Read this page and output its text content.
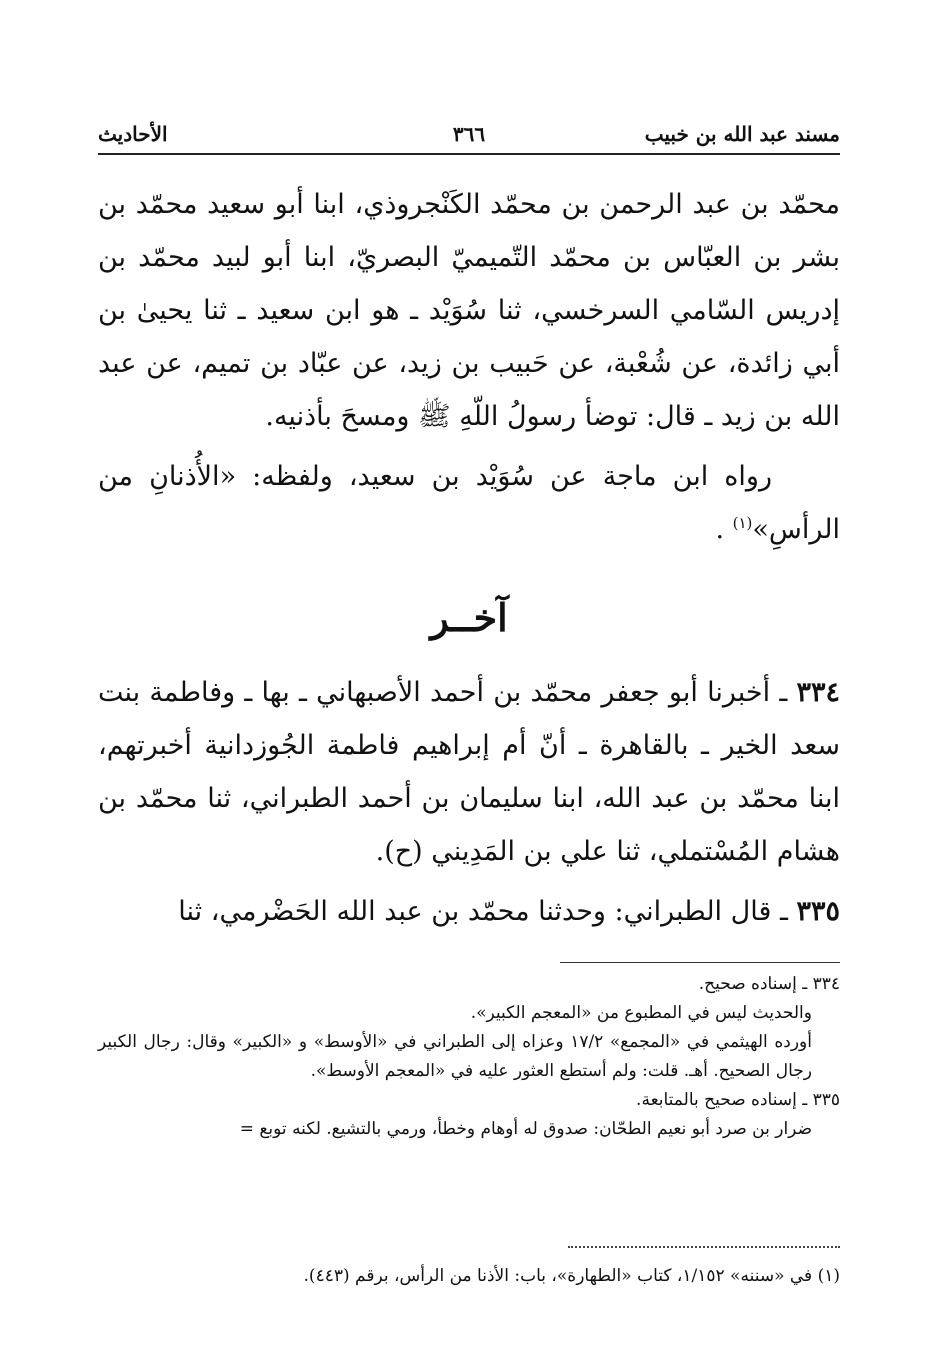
مسند عبد الله بن خبيب
٣٦٦
الأحاديث

محمّد بن عبد الرحمن بن محمّد الكَنْجروذي، ابنا أبو سعيد محمّد بن بشر بن العبّاس بن محمّد التّميميّ البصريّ، ابنا أبو لبيد محمّد بن إدريس السّامي السرخسي، ثنا سُوَيْد ـ هو ابن سعيد ـ ثنا يحيىٰ بن أبي زائدة، عن شُعْبة، عن حَبيب بن زيد، عن عبّاد بن تميم، عن عبد الله بن زيد ـ قال: توضأ رسولُ اللّهِ ﷺ ومسحَ بأذنيه.

رواه ابن ماجة عن سُوَيْد بن سعيد، ولفظه: «الأُذنانِ من الرأسِ»$^{(١)}$ .

آخــر

٣٣٤ ـ أخبرنا أبو جعفر محمّد بن أحمد الأصبهاني ـ بها ـ وفاطمة بنت سعد الخير ـ بالقاهرة ـ أنّ أم إبراهيم فاطمة الجُوزدانية أخبرتهم، ابنا محمّد بن عبد الله، ابنا سليمان بن أحمد الطبراني، ثنا محمّد بن هشام المُسْتملي، ثنا علي بن المَدِيني (ح).

٣٣٥ ـ قال الطبراني: وحدثنا محمّد بن عبد الله الحَضْرمي، ثنا

٣٣٤ ـ إسناده صحيح.

والحديث ليس في المطبوع من «المعجم الكبير».

أورده الهيثمي في «المجمع» ١٧/٢ وعزاه إلى الطبراني في «الأوسط» و «الكبير» وقال: رجال الكبير رجال الصحيح. أهـ. قلت: ولم أستطع العثور عليه في «المعجم الأوسط».

٣٣٥ ـ إسناده صحيح بالمتابعة.

ضرار بن صرد أبو نعيم الطحّان: صدوق له أوهام وخطأ، ورمي بالتشيع. لكنه توبع =

(١) في «سننه» ١/١٥٢، كتاب «الطهارة»، باب: الأذنا من الرأس، برقم (٤٤٣).
